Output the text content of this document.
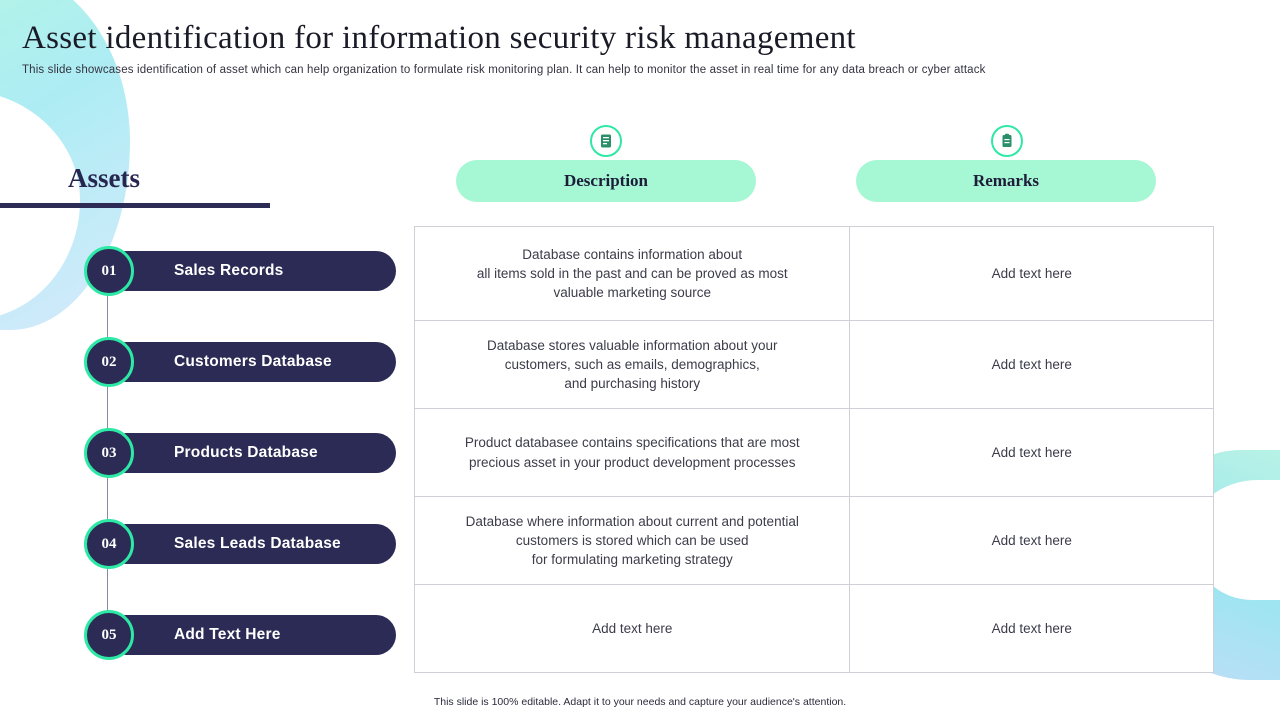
Asset identification for information security risk management
This slide showcases identification of asset which can help organization to formulate risk monitoring plan. It can help to monitor the asset in real time for any data breach or cyber attack
Assets
Sales Records
01
Customers Database
02
Products Database
03
Sales Leads Database
04
Add Text Here
05
Description	Remarks
Database contains information about
all items sold in the past and can be proved as most
valuable marketing source	Add text here
Database stores valuable information about your
customers, such as emails, demographics,
and purchasing history	Add text here
Product databasee contains specifications that are most
precious asset in your product development processes	Add text here
Database where information about current and potential
customers is stored which can be used
for formulating marketing strategy	Add text here
Add text here	Add text here
This slide is 100% editable. Adapt it to your needs and capture your audience's attention.
